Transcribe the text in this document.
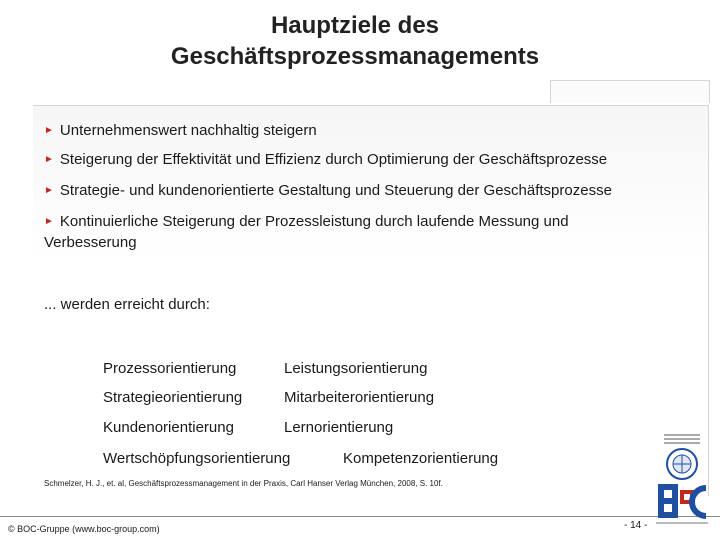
Hauptziele des
Geschäftsprozessmanagements
► Unternehmenswert nachhaltig steigern
► Steigerung der Effektivität und Effizienz durch Optimierung der Geschäftsprozesse
► Strategie- und kundenorientierte Gestaltung und Steuerung der Geschäftsprozesse
► Kontinuierliche Steigerung der Prozessleistung durch laufende Messung und Verbesserung
... werden erreicht durch:
Prozessorientierung	Leistungsorientierung
Strategieorientierung	Mitarbeiterorientierung
Kundenorientierung	Lernorientierung
Wertschöpfungsorientierung	Kompetenzorientierung
Schmelzer, H. J., et. al, Geschäftsprozessmanagement in der Praxis, Carl Hanser Verlag München, 2008, S. 10f.
© BOC-Gruppe (www.boc-group.com)	- 14 -
